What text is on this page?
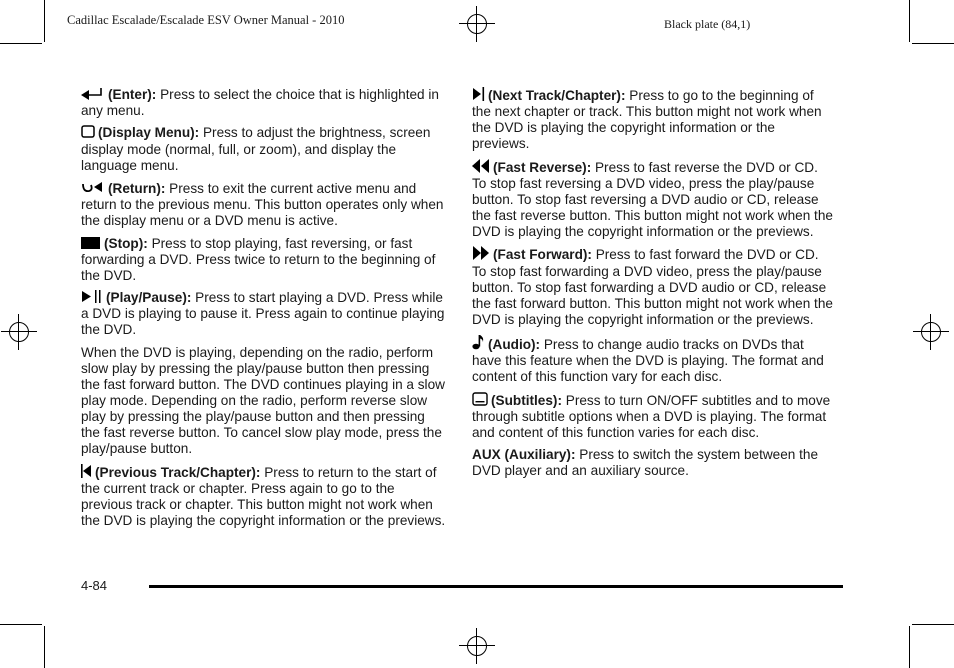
Cadillac Escalade/Escalade ESV Owner Manual - 2010	Black plate (84,1)
(Enter): Press to select the choice that is highlighted in any menu.
(Display Menu): Press to adjust the brightness, screen display mode (normal, full, or zoom), and display the language menu.
(Return): Press to exit the current active menu and return to the previous menu. This button operates only when the display menu or a DVD menu is active.
(Stop): Press to stop playing, fast reversing, or fast forwarding a DVD. Press twice to return to the beginning of the DVD.
(Play/Pause): Press to start playing a DVD. Press while a DVD is playing to pause it. Press again to continue playing the DVD.
When the DVD is playing, depending on the radio, perform slow play by pressing the play/pause button then pressing the fast forward button. The DVD continues playing in a slow play mode. Depending on the radio, perform reverse slow play by pressing the play/pause button and then pressing the fast reverse button. To cancel slow play mode, press the play/pause button.
(Previous Track/Chapter): Press to return to the start of the current track or chapter. Press again to go to the previous track or chapter. This button might not work when the DVD is playing the copyright information or the previews.
(Next Track/Chapter): Press to go to the beginning of the next chapter or track. This button might not work when the DVD is playing the copyright information or the previews.
(Fast Reverse): Press to fast reverse the DVD or CD. To stop fast reversing a DVD video, press the play/pause button. To stop fast reversing a DVD audio or CD, release the fast reverse button. This button might not work when the DVD is playing the copyright information or the previews.
(Fast Forward): Press to fast forward the DVD or CD. To stop fast forwarding a DVD video, press the play/pause button. To stop fast forwarding a DVD audio or CD, release the fast forward button. This button might not work when the DVD is playing the copyright information or the previews.
(Audio): Press to change audio tracks on DVDs that have this feature when the DVD is playing. The format and content of this function vary for each disc.
(Subtitles): Press to turn ON/OFF subtitles and to move through subtitle options when a DVD is playing. The format and content of this function varies for each disc.
AUX (Auxiliary): Press to switch the system between the DVD player and an auxiliary source.
4-84
